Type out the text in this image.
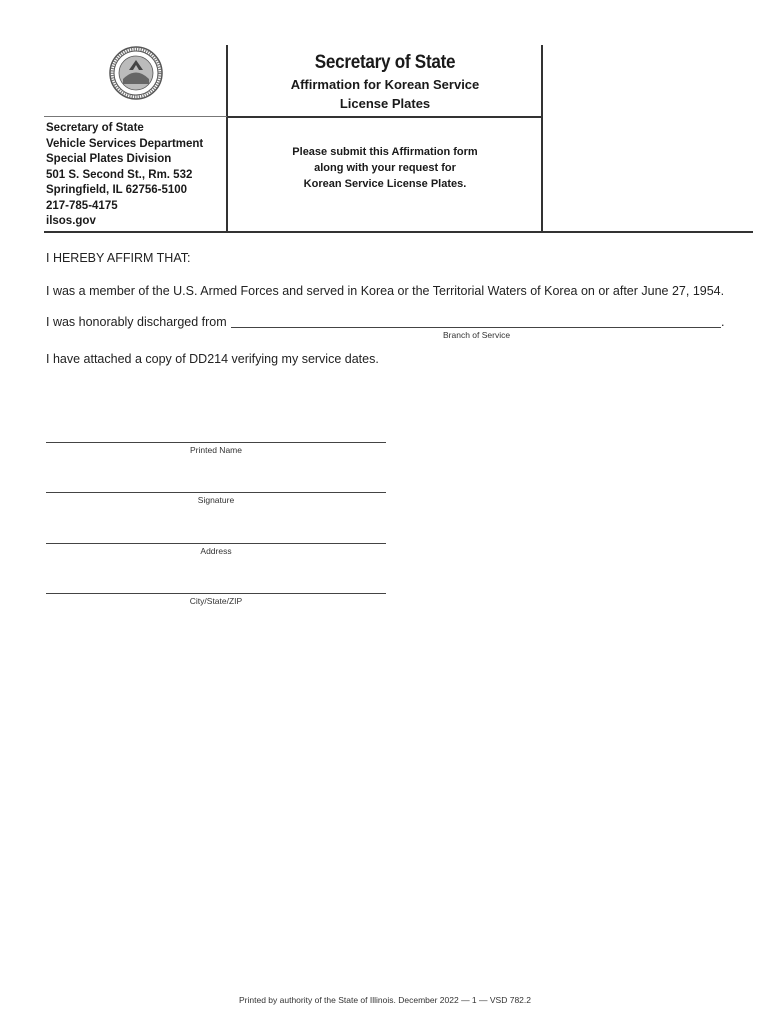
Secretary of State
Affirmation for Korean Service
License Plates
Secretary of State
Vehicle Services Department
Special Plates Division
501 S. Second St., Rm. 532
Springfield, IL 62756-5100
217-785-4175
ilsos.gov
Please submit this Affirmation form
along with your request for
Korean Service License Plates.
I HEREBY AFFIRM THAT:
I was a member of the U.S. Armed Forces and served in Korea or the Territorial Waters of Korea on or after June 27, 1954.
I was honorably discharged from	.
Branch of Service
I have attached a copy of DD214 verifying my service dates.
Printed Name
Signature
Address
City/State/ZIP
Printed by authority of the State of Illinois. December 2022 — 1 — VSD 782.2
